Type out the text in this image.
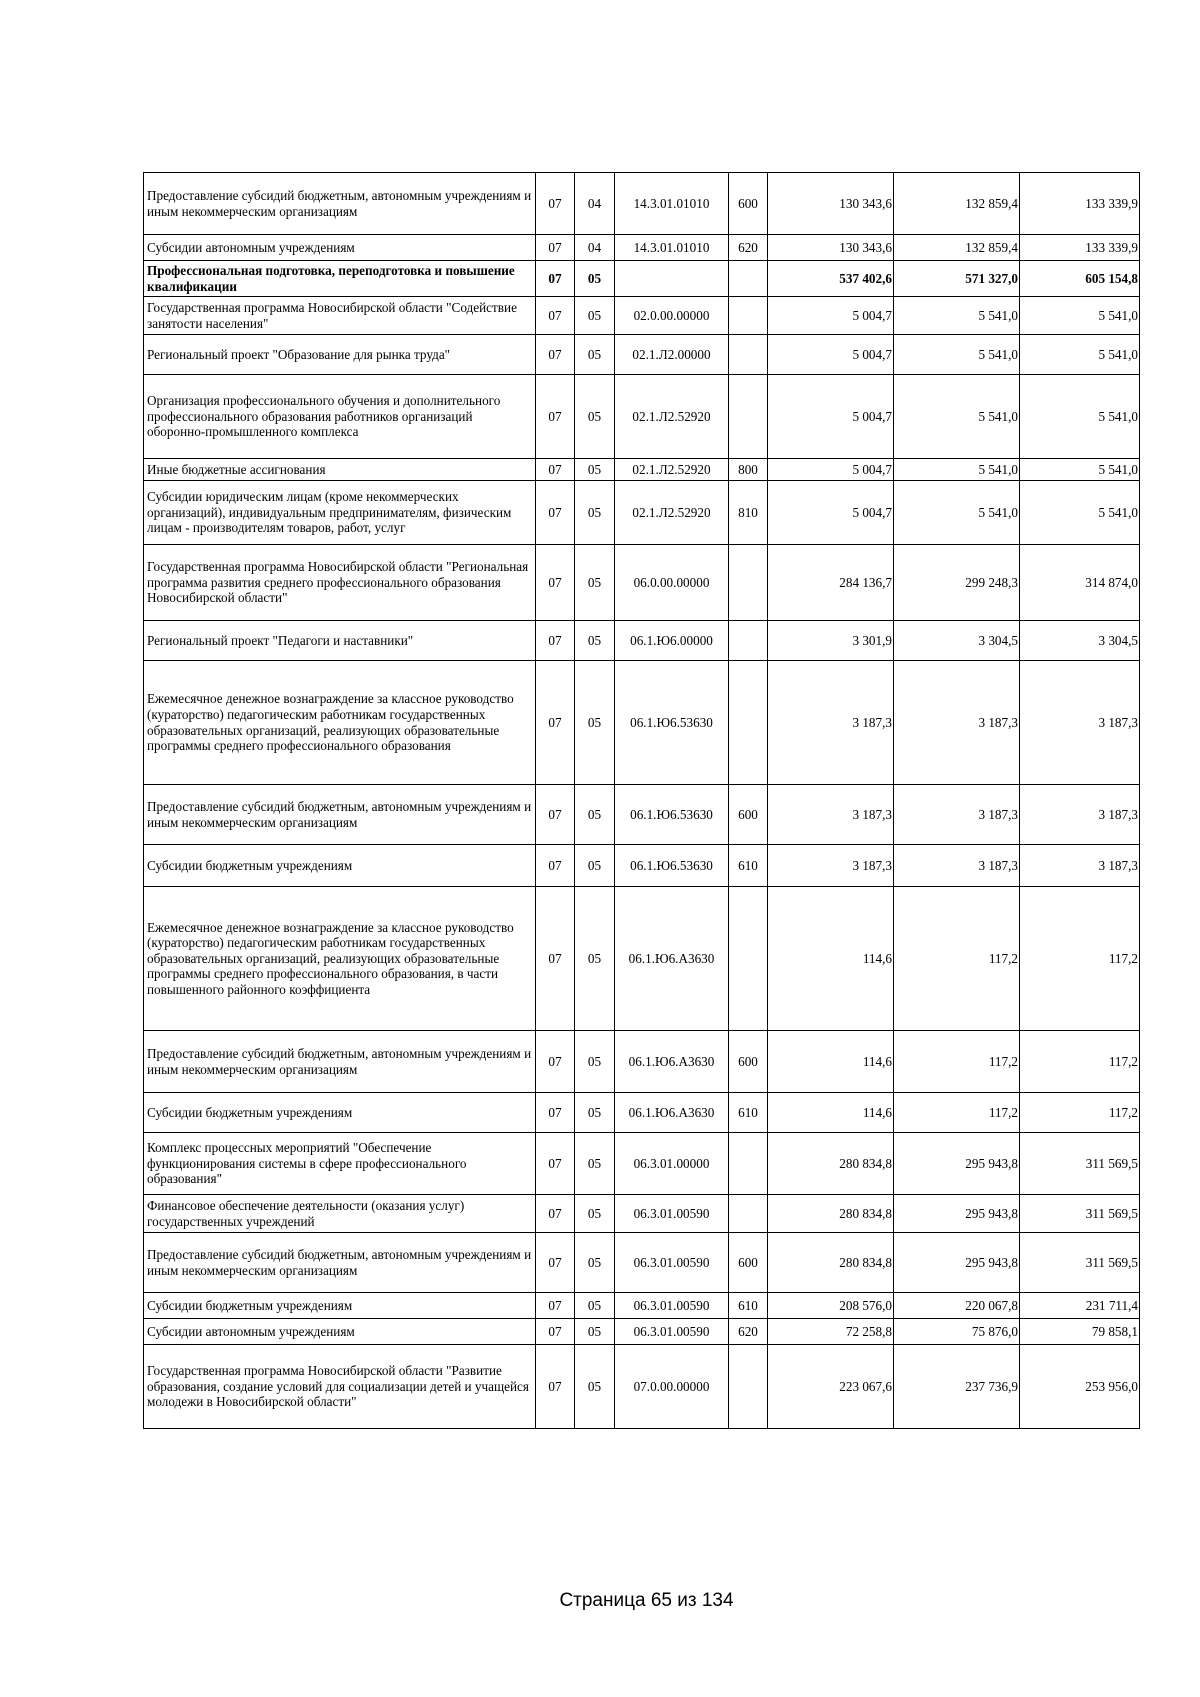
Предоставление субсидий бюджетным, автономным учреждениям и иным некоммерческим организациям	07	04	14.3.01.01010	600	130 343,6	132 859,4	133 339,9
Субсидии автономным учреждениям	07	04	14.3.01.01010	620	130 343,6	132 859,4	133 339,9
Профессиональная подготовка, переподготовка и повышение квалификации	07	05			537 402,6	571 327,0	605 154,8
Государственная программа Новосибирской области "Содействие занятости населения"	07	05	02.0.00.00000		5 004,7	5 541,0	5 541,0
Региональный проект "Образование для рынка труда"	07	05	02.1.Л2.00000		5 004,7	5 541,0	5 541,0
Организация профессионального обучения и дополнительного профессионального образования работников организаций оборонно-промышленного комплекса	07	05	02.1.Л2.52920		5 004,7	5 541,0	5 541,0
Иные бюджетные ассигнования	07	05	02.1.Л2.52920	800	5 004,7	5 541,0	5 541,0
Субсидии юридическим лицам (кроме некоммерческих организаций), индивидуальным предпринимателям, физическим лицам - производителям товаров, работ, услуг	07	05	02.1.Л2.52920	810	5 004,7	5 541,0	5 541,0
Государственная программа Новосибирской области "Региональная программа развития среднего профессионального образования Новосибирской области"	07	05	06.0.00.00000		284 136,7	299 248,3	314 874,0
Региональный проект "Педагоги и наставники"	07	05	06.1.Ю6.00000		3 301,9	3 304,5	3 304,5
Ежемесячное денежное вознаграждение за классное руководство (кураторство) педагогическим работникам государственных образовательных организаций, реализующих образовательные программы среднего профессионального образования	07	05	06.1.Ю6.53630		3 187,3	3 187,3	3 187,3
Предоставление субсидий бюджетным, автономным учреждениям и иным некоммерческим организациям	07	05	06.1.Ю6.53630	600	3 187,3	3 187,3	3 187,3
Субсидии бюджетным учреждениям	07	05	06.1.Ю6.53630	610	3 187,3	3 187,3	3 187,3
Ежемесячное денежное вознаграждение за классное руководство (кураторство) педагогическим работникам государственных образовательных организаций, реализующих образовательные программы среднего профессионального образования, в части повышенного районного коэффициента	07	05	06.1.Ю6.А3630		114,6	117,2	117,2
Предоставление субсидий бюджетным, автономным учреждениям и иным некоммерческим организациям	07	05	06.1.Ю6.А3630	600	114,6	117,2	117,2
Субсидии бюджетным учреждениям	07	05	06.1.Ю6.А3630	610	114,6	117,2	117,2
Комплекс процессных мероприятий "Обеспечение функционирования системы в сфере профессионального образования"	07	05	06.3.01.00000		280 834,8	295 943,8	311 569,5
Финансовое обеспечение деятельности (оказания услуг) государственных учреждений	07	05	06.3.01.00590		280 834,8	295 943,8	311 569,5
Предоставление субсидий бюджетным, автономным учреждениям и иным некоммерческим организациям	07	05	06.3.01.00590	600	280 834,8	295 943,8	311 569,5
Субсидии бюджетным учреждениям	07	05	06.3.01.00590	610	208 576,0	220 067,8	231 711,4
Субсидии автономным учреждениям	07	05	06.3.01.00590	620	72 258,8	75 876,0	79 858,1
Государственная программа Новосибирской области "Развитие образования, создание условий для социализации детей и учащейся молодежи в Новосибирской области"	07	05	07.0.00.00000		223 067,6	237 736,9	253 956,0
Страница 65 из 134
